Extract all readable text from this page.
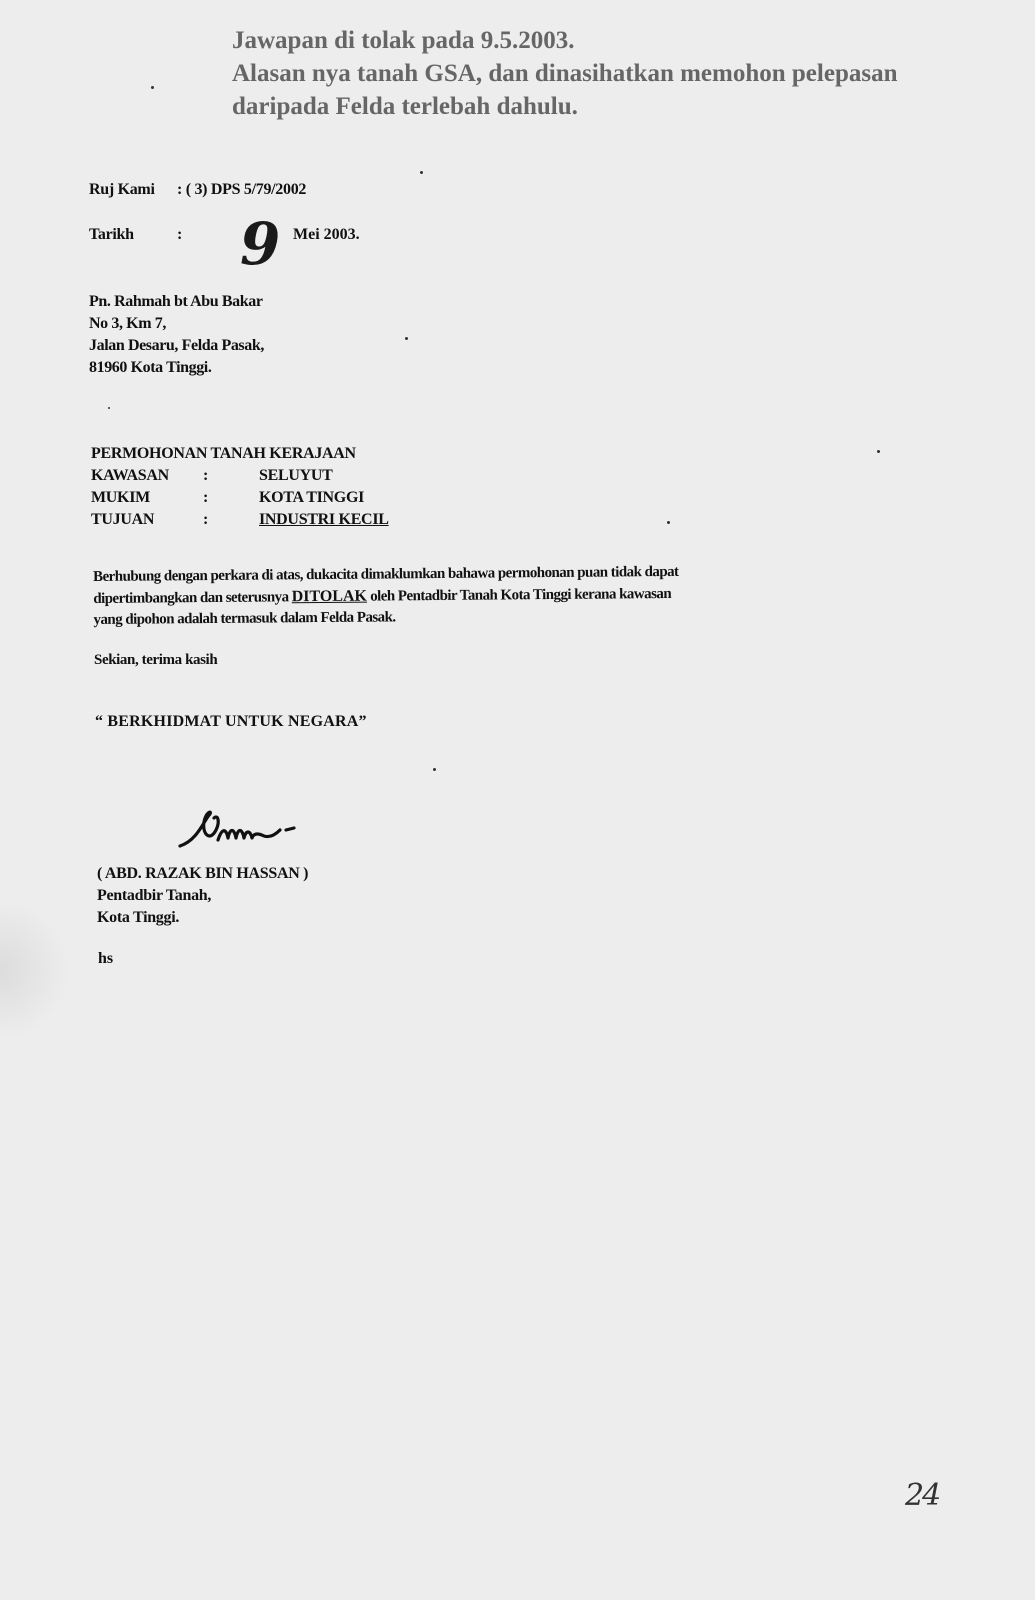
Jawapan di tolak pada 9.5.2003.
Alasan nya tanah GSA, dan dinasihatkan memohon pelepasan
daripada Felda terlebah dahulu.
Ruj Kami : ( 3) DPS 5/79/2002
Tarikh	: 9 Mei 2003.
Pn. Rahmah bt Abu Bakar
No 3, Km 7,
Jalan Desaru, Felda Pasak,
81960 Kota Tinggi.
PERMOHONAN TANAH KERAJAAN
KAWASAN :	SELUYUT
MUKIM	:	KOTA TINGGI
TUJUAN	:	INDUSTRI KECIL
Berhubung dengan perkara di atas, dukacita dimaklumkan bahawa permohonan puan tidak dapat
dipertimbangkan dan seterusnya DITOLAK oleh Pentadbir Tanah Kota Tinggi kerana kawasan
yang dipohon adalah termasuk dalam Felda Pasak.
Sekian, terima kasih
“ BERKHIDMAT UNTUK NEGARA”
( ABD. RAZAK BIN HASSAN )
Pentadbir Tanah,
Kota Tinggi.
hs
24
